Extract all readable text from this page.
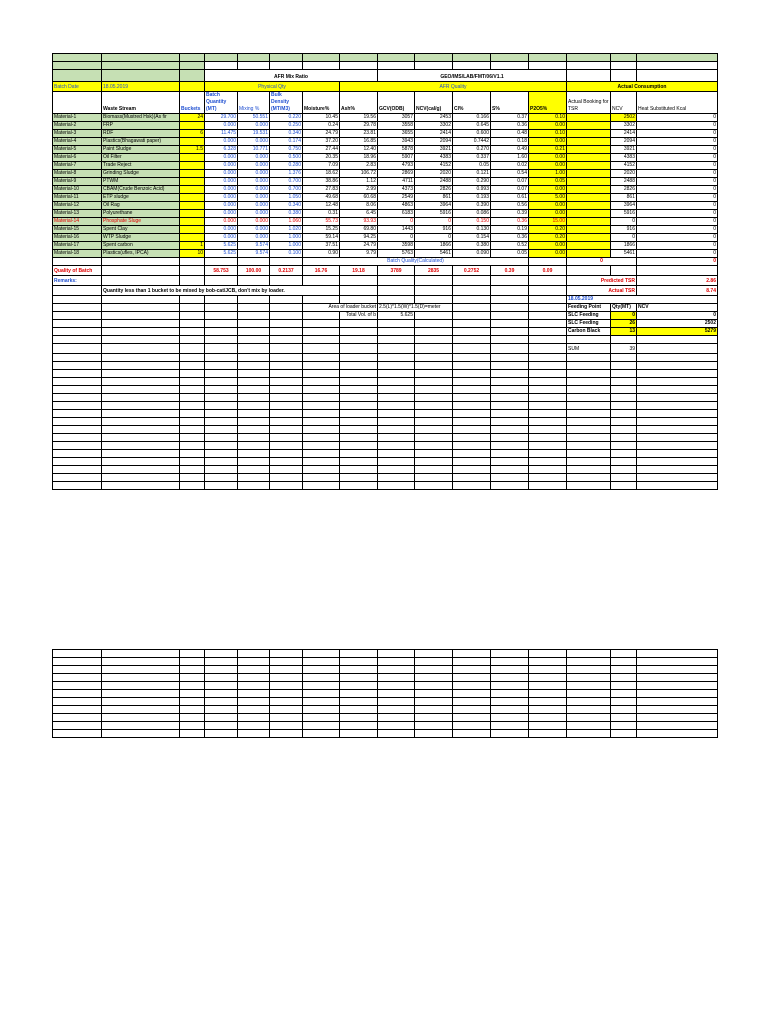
			AFR Mix Ratio					GEO/IMS/LAB/FMT/06/V1.1							
Batch Date	18.05.2019		Physical Qty				AFR Quality						Actual Consumption		
	Waste Stream	Buckets	Batch Quantity (MT)	Mixing %	Bulk Density (MT/M3)	Moisture%	Ash%	GCV(ODB)	NCV(cal/g)	Cl%	S%	P2O5%	Actual Booking for TSR	NCV	Heat Substituted Kcal
Material-1	Biomass(Mustred Hsk)(As fir	24	29.700	50.551	0.220	10.45	19.56	3057	2453	0.166	0.37	0.10		2502	0
Material-2	FRP		0.000	0.000	0.250	0.24	29.78	3558	3302	0.645	0.36	0.00		3302	0
Material-3	RDF	6	11.475	19.531	0.340	24.79	23.81	3655	2414	0.600	0.48	0.10		2414	0
Material-4	Plastics(Bhagawati paper)		0.000	0.000	0.174	37.20	16.85	3943	2094	0.7442	0.18	0.00		2094	0
Material-5	Paint Sludge	1.5	6.328	10.771	0.750	27.44	12.40	5878	3921	0.270	0.49	0.21		3921	0
Material-6	Oil Filter		0.000	0.000	0.500	20.35	18.96	5907	4383	0.337	1.60	0.00		4383	0
Material-7	Trade Reject		0.000	0.000	0.280	7.09	2.83	4793	4152	0.05	0.02	0.00		4152	0
Material-8	Grinding Sludge		0.000	0.000	1.376	18.62	106.72	2869	2020	0.121	0.54	1.00		2020	0
Material-9	PTWM		0.000	0.000	0.700	38.86	1.12	4711	2488	0.290	0.07	0.05		2488	0
Material-10	CBAM(Crude Benzoic Acid)		0.000	0.000	0.700	27.83	2.99	4373	2826	0.993	0.07	0.00		2826	0
Material-11	ETP sludge		0.000	0.000	1.050	49.68	60.68	2549	861	0.193	0.61	5.00		861	0
Material-12	Oil Rag		0.000	0.000	0.340	12.48	8.06	4863	3964	0.390	0.56	0.00		3964	0
Material-13	Polyurethane		0.000	0.000	0.380	0.31	6.45	6183	5916	0.086	0.39	0.00		5916	0
Material-14	Phosphate Sluge		0.000	0.000	1.060	55.73	93.93	0	0	0.150	0.36	15.00		0	0
Material-15	Spent Clay		0.000	0.000	1.020	15.25	69.80	1443	916	0.130	0.19	0.20		916	0
Material-16	WTP Sludge		0.000	0.000	1.000	59.14	94.25	0	0	0.154	0.36	0.20		0	0
Material-17	Spent carbon	1	5.625	9.574	1.000	37.51	24.79	3598	1866	0.380	0.52	0.00		1866	0
Material-18	Plastics(ufles, IPCA)	10	5.625	9.574	0.100	0.90	9.79	5763	5461	0.090	0.05	0.00		5461	0
						Batch Quality(Calculated)							0		0
Quality of Batch			58.753	100.00	0.2137	16.76	19.18	3789	2835	0.2752	0.39	0.09			
Remarks:													Predicted TSR		2.86
	Quantity less than 1 bucket to be mixed by bob-cat/JCB, don't mix by loader.												Actual TSR		8.74
													18.05.2019		
						Area of loader bucket		2.5(L)*1.5(W)*1.5(D)=meter					Feeding Point	Qty(MT)	NCV
							Total Vol. of b	5.625					SLC Feeding	0	0
													SLC Feeding	26	2502
													Carbon Black	13	5279

													SUM	39	
